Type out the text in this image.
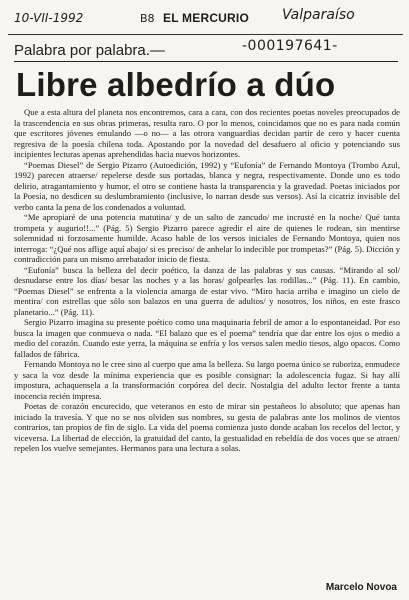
10-VII-1992	B8 EL MERCURIO Valparaíso
-000197641-
Palabra por palabra.—
Libre albedrío a dúo

Que a esta altura del planeta nos encontremos, cara a cara, con dos recientes poetas noveles preocupados de la trascendencia en sus obras primeras, resulta raro. O por lo menos, coincidamos que no es para nada común que escritores jóvenes emulando —o no— a las otrora vanguardias decidan partir de cero y hacer cuenta regresiva de la poesía chilena toda. Apostando por la novedad del desafuero al oficio y potenciando sus incipientes lecturas apenas aprehendidas hacia nuevos horizontes.

“Poemas Diesel” de Sergio Pizarro (Autoedición, 1992) y “Eufonía” de Fernando Montoya (Trombo Azul, 1992) parecen atraerse/ repelerse desde sus portadas, blanca y negra, respectivamente. Donde uno es todo delirio, atragantamiento y humor, el otro se contiene hasta la transparencia y la gravedad. Poetas iniciados por la Poesía, no desdicen su deslumbramiento (inclusive, lo narran desde sus versos). Así la cicatriz invisible del verbo canta la pena de los condenados a voluntad.

“Me apropiaré de una potencia matutina/ y de un salto de zancudo/ me incrusté en la noche/ Qué tanta trompeta y augurio!!...” (Pág. 5) Sergio Pizarro parece agredir el aire de quienes le rodean, sin mentirse solemnidad ni forzosamente humilde. Acaso hable de los versos iniciales de Fernando Montoya, quien nos interroga: “¿Qué nos aflige aquí abajo/ si es preciso/ de anhelar lo indecible por trompetas?” (Pág. 5). Dicción y contradicción para un mismo arrebatador inicio de fiesta.

“Eufonía” busca la belleza del decir poético, la danza de las palabras y sus causas. “Mirando al sol/ desnudarse entre los días/ besar las noches y a las horas/ golpearles las rodillas...” (Pág. 11). En cambio, “Poemas Diesel” se enfrenta a la violencia amarga de estar vivo. “Miro hacia arriba e imagino un cielo de mentira/ con estrellas que sólo son balazos en una guerra de adultos/ y nosotros, los niños, en este frasco planetario...” (Pág. 11).

Sergio Pizarro imagina su presente poético como una maquinaria febril de amor a lo espontaneidad. Por eso busca la imagen que conmueva o nada. “El balazo que es el poema” tendría que dar entre los ojos o medio a medio del corazón. Cuando este yerra, la máquina se enfría y los versos salen medio tiesos, algo opacos. Como fallados de fábrica.

Fernando Montoya no le cree sino al cuerpo que ama la belleza. Su largo poema único se ruboriza, enmudece y saca la voz desde la mínima experiencia que es posible consignar: la adolescencia fugaz. Si hay allí impostura, achaquensela a la transformación corpórea del decir. Nostalgia del adulto lector frente a tanta inocencia recién impresa.

Poetas de corazón encurecido, que veteranos en esto de mirar sin pestañeos lo absoluto; que apenas han iniciado la travesía. Y que no se nos olviden sus nombres, su gesta de palabras ante los molinos de vientos contrarios, tan propios de fin de siglo. La vida del poema comienza justo donde acaban los recelos del lector, y viceversa. La libertad de elección, la gratuidad del canto, la gestualidad en rebeldía de dos voces que se atraen/ repelen los vuelve semejantes. Hermanos para una lectura a solas.

Marcelo Novoa
